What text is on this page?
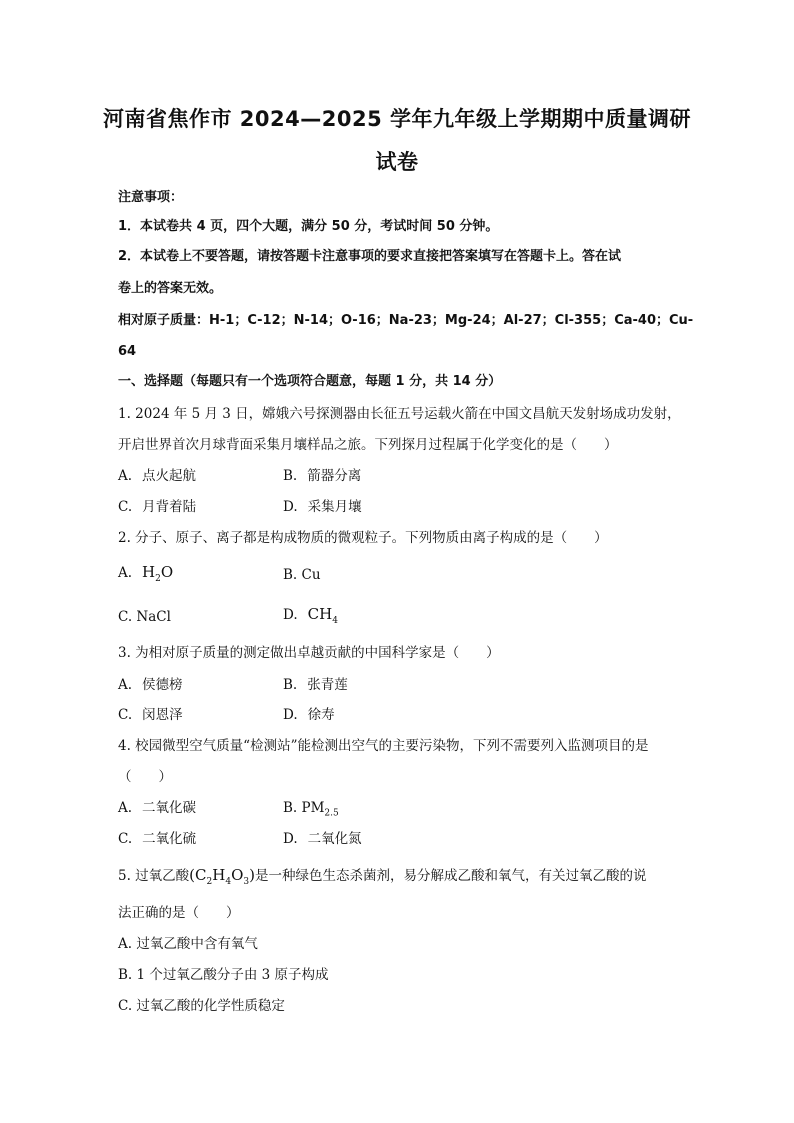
河南省焦作市 2024—2025 学年九年级上学期期中质量调研
试卷
注意事项：
1．本试卷共 4 页，四个大题，满分 50 分，考试时间 50 分钟。
2．本试卷上不要答题，请按答题卡注意事项的要求直接把答案填写在答题卡上。答在试
卷上的答案无效。
相对原子质量：H-1；C-12；N-14；O-16；Na-23；Mg-24；Al-27；Cl-355；Ca-40；Cu-
64
一、选择题（每题只有一个选项符合题意，每题 1 分，共 14 分）
1. 2024 年 5 月 3 日，嫦娥六号探测器由长征五号运载火箭在中国文昌航天发射场成功发射，
开启世界首次月球背面采集月壤样品之旅。下列探月过程属于化学变化的是（　　）
A. 点火起航	B. 箭器分离
C. 月背着陆	D. 采集月壤
2. 分子、原子、离子都是构成物质的微观粒子。下列物质由离子构成的是（　　）
A. $H_2O$	B. Cu
C. NaCl	D. $CH_4$
3. 为相对原子质量的测定做出卓越贡献的中国科学家是（　　）
A. 侯德榜	B. 张青莲
C. 闵恩泽	D. 徐寿
4. 校园微型空气质量“检测站”能检测出空气的主要污染物，下列不需要列入监测项目的是
（　　）
A. 二氧化碳	B. $PM_{2.5}$
C. 二氧化硫	D. 二氧化氮
5. 过氧乙酸$(C_2H_4O_3)$是一种绿色生态杀菌剂，易分解成乙酸和氧气，有关过氧乙酸的说
法正确的是（　　）
A. 过氧乙酸中含有氧气
B. 1 个过氧乙酸分子由 3 原子构成
C. 过氧乙酸的化学性质稳定
